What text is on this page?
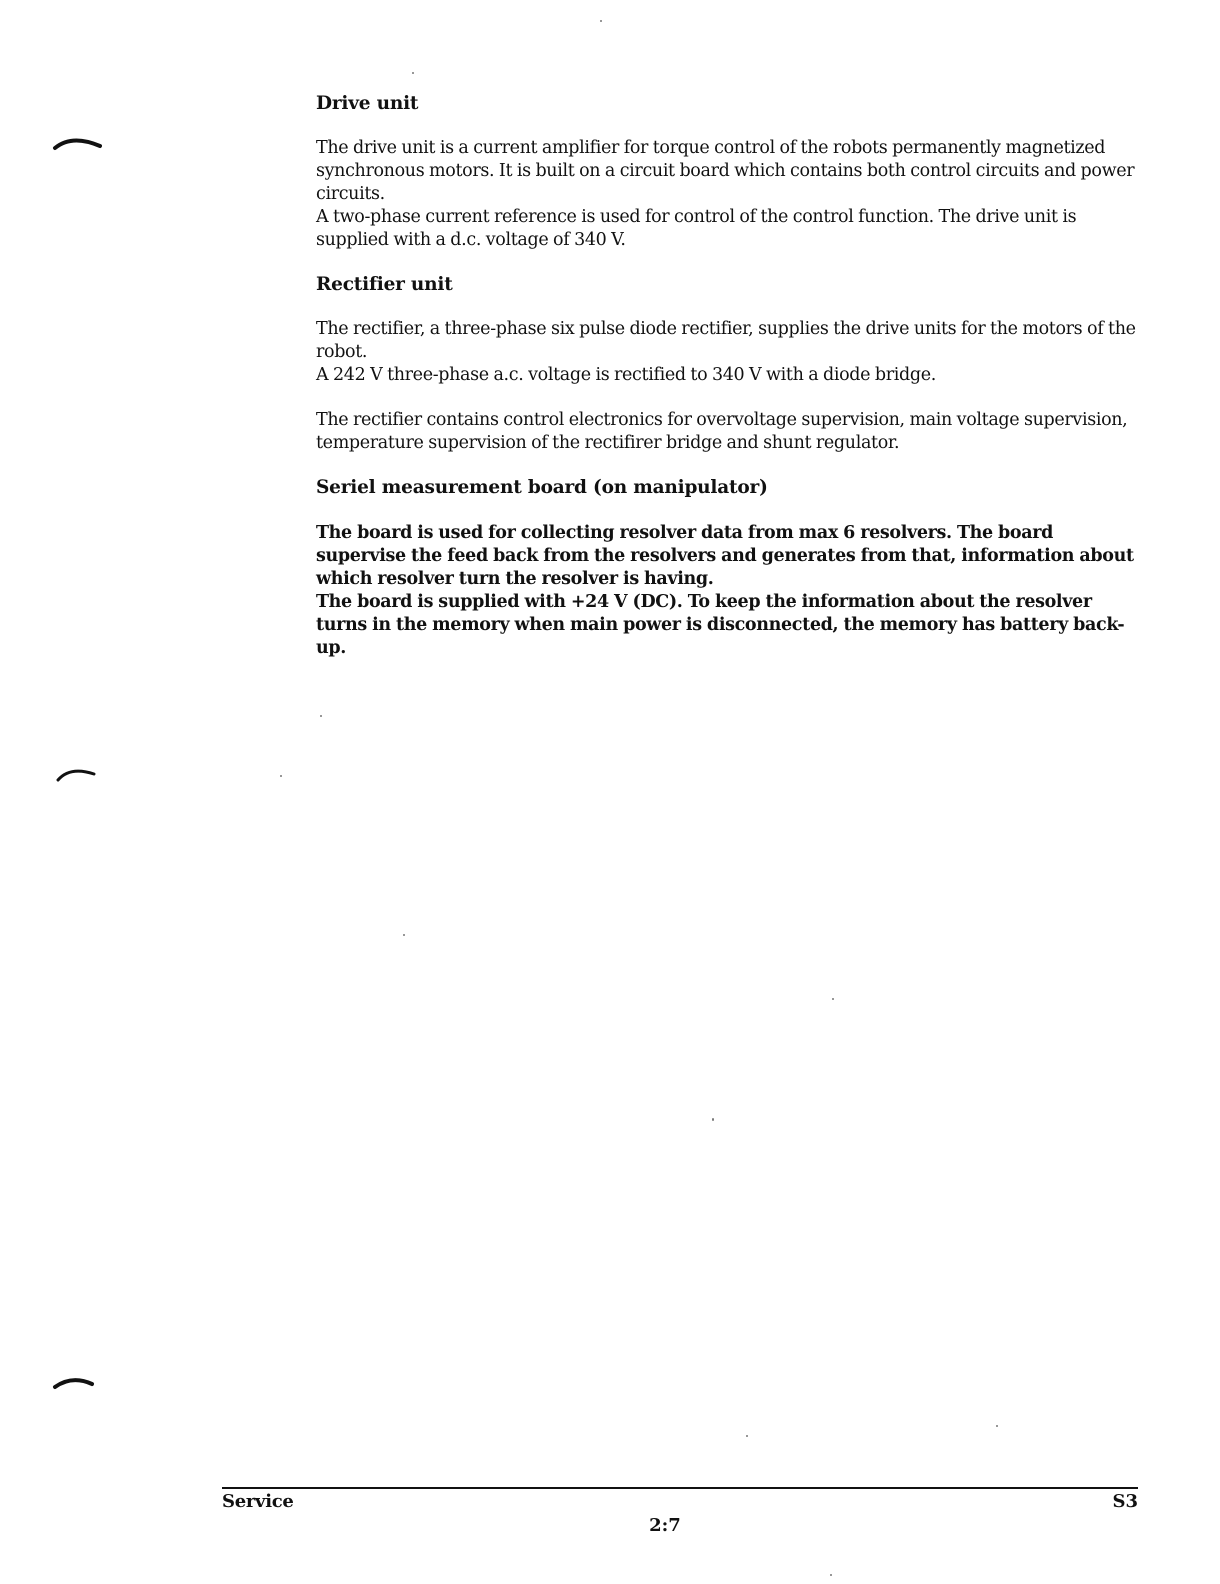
Drive unit

The drive unit is a current amplifier for torque control of the robots permanently magnetized synchronous motors. It is built on a circuit board which contains both control circuits and power circuits.

A two-phase current reference is used for control of the control function. The drive unit is supplied with a d.c. voltage of 340 V.

Rectifier unit

The rectifier, a three-phase six pulse diode rectifier, supplies the drive units for the motors of the robot.

A 242 V three-phase a.c. voltage is rectified to 340 V with a diode bridge.

The rectifier contains control electronics for overvoltage supervision, main voltage supervision, temperature supervision of the rectifirer bridge and shunt regulator.

Seriel measurement board (on manipulator)

The board is used for collecting resolver data from max 6 resolvers. The board supervise the feed back from the resolvers and generates from that, information about which resolver turn the resolver is having.

The board is supplied with +24 V (DC). To keep the information about the resolver turns in the memory when main power is disconnected, the memory has battery back-up.

Service	S3
2:7
